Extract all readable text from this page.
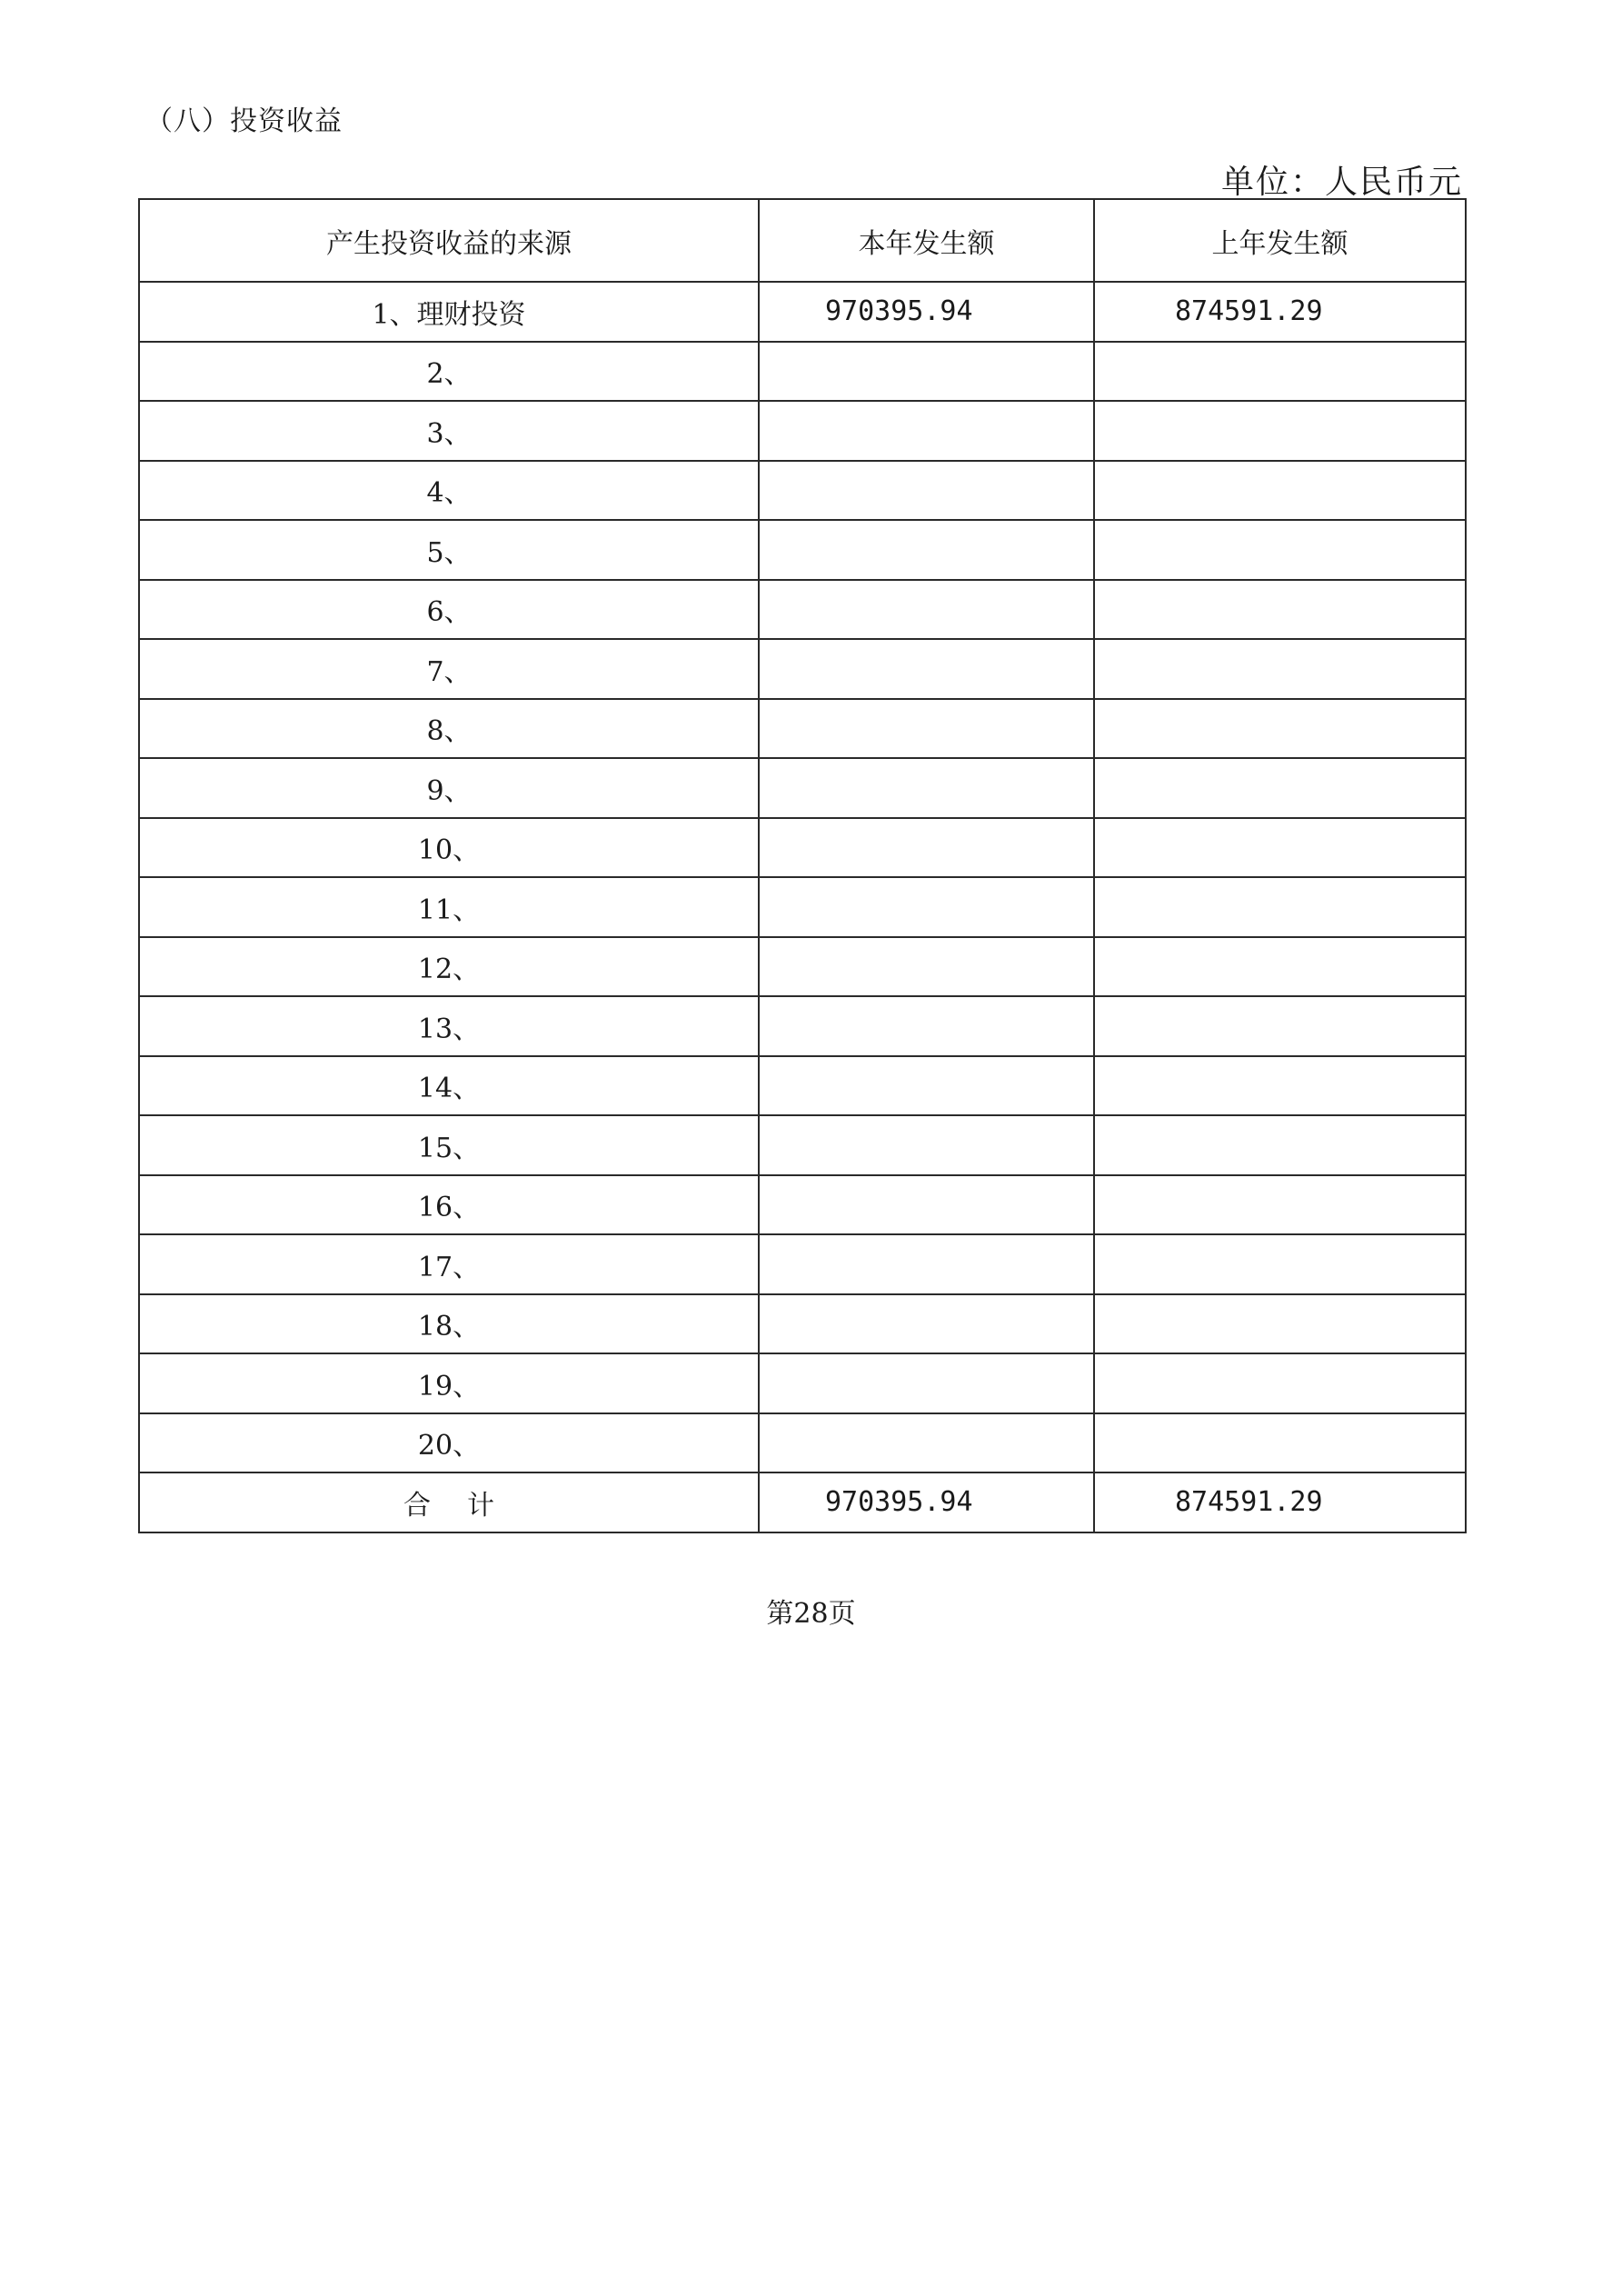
（八）投资收益
单位：人民币元
产生投资收益的来源	本年发生额	上年发生额
1、理财投资	970395.94	874591.29
2、		
3、		
4、		
5、		
6、		
7、		
8、		
9、		
10、		
11、		
12、		
13、		
14、		
15、		
16、		
17、		
18、		
19、		
20、		
合计	970395.94	874591.29
第28页
